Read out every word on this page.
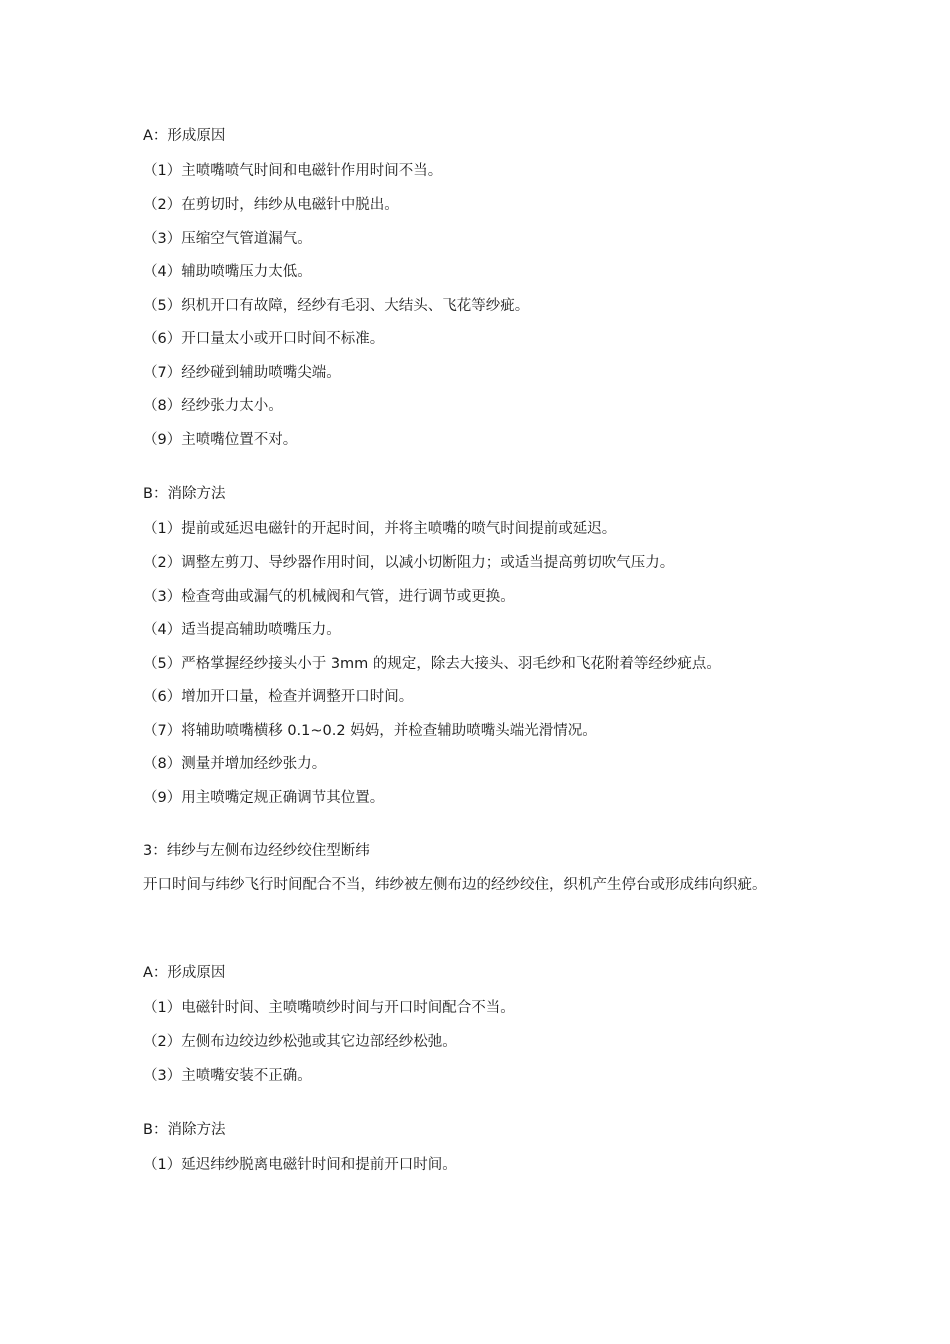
A：形成原因
（1）主喷嘴喷气时间和电磁针作用时间不当。
（2）在剪切时，纬纱从电磁针中脱出。
（3）压缩空气管道漏气。
（4）辅助喷嘴压力太低。
（5）织机开口有故障，经纱有毛羽、大结头、飞花等纱疵。
（6）开口量太小或开口时间不标准。
（7）经纱碰到辅助喷嘴尖端。
（8）经纱张力太小。
（9）主喷嘴位置不对。
B：消除方法
（1）提前或延迟电磁针的开起时间，并将主喷嘴的喷气时间提前或延迟。
（2）调整左剪刀、导纱器作用时间，以减小切断阻力；或适当提高剪切吹气压力。
（3）检查弯曲或漏气的机械阀和气管，进行调节或更换。
（4）适当提高辅助喷嘴压力。
（5）严格掌握经纱接头小于 3mm 的规定，除去大接头、羽毛纱和飞花附着等经纱疵点。
（6）增加开口量，检查并调整开口时间。
（7）将辅助喷嘴横移 0.1~0.2 妈妈，并检查辅助喷嘴头端光滑情况。
（8）测量并增加经纱张力。
（9）用主喷嘴定规正确调节其位置。
3：纬纱与左侧布边经纱绞住型断纬
开口时间与纬纱飞行时间配合不当，纬纱被左侧布边的经纱绞住，织机产生停台或形成纬向织疵。
A：形成原因
（1）电磁针时间、主喷嘴喷纱时间与开口时间配合不当。
（2）左侧布边绞边纱松弛或其它边部经纱松弛。
（3）主喷嘴安装不正确。
B：消除方法
（1）延迟纬纱脱离电磁针时间和提前开口时间。
